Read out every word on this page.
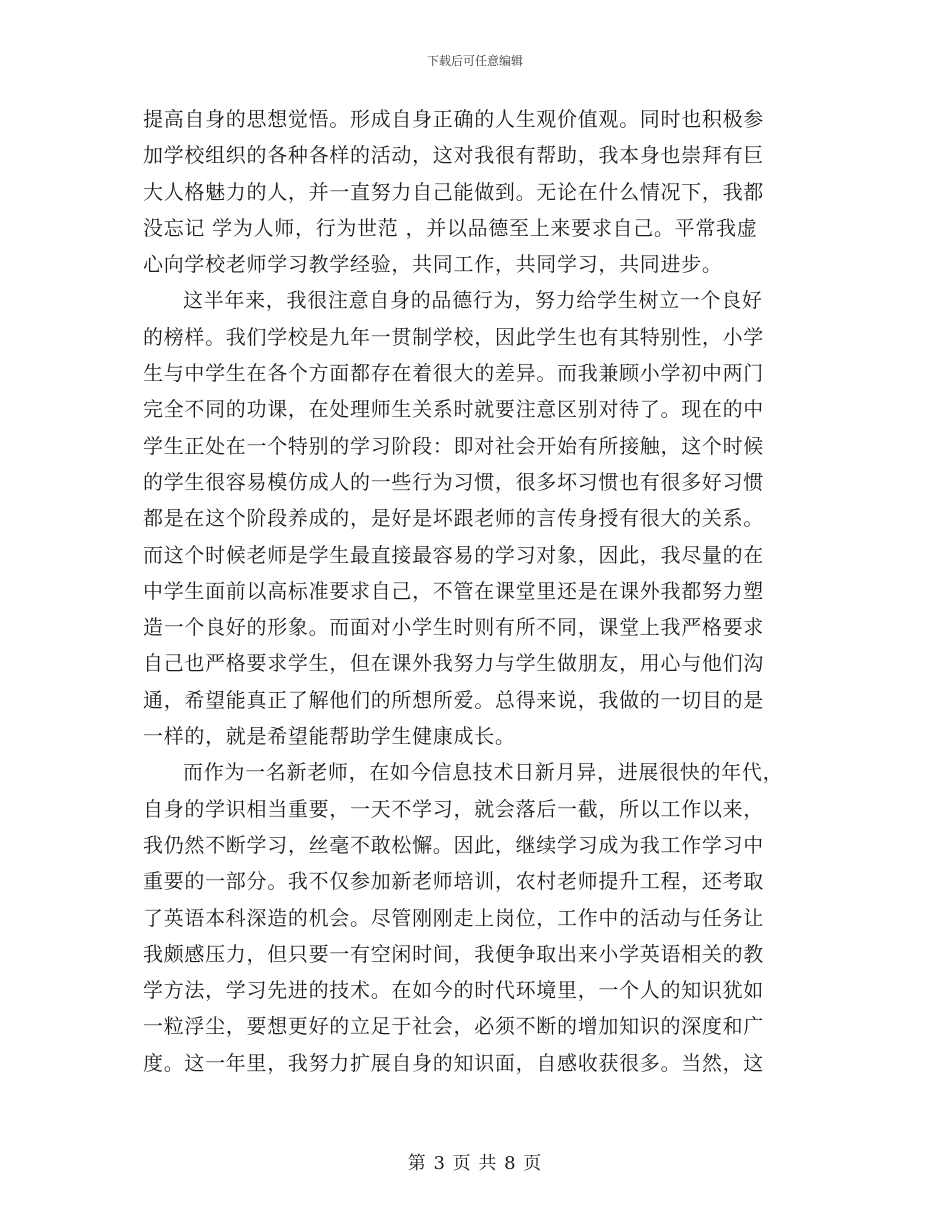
下载后可任意编辑
提高自身的思想觉悟。形成自身正确的人生观价值观。同时也积极参
加学校组织的各种各样的活动，这对我很有帮助，我本身也崇拜有巨
大人格魅力的人，并一直努力自己能做到。无论在什么情况下，我都
没忘记 学为人师，行为世范 ，并以品德至上来要求自己。平常我虚
心向学校老师学习教学经验，共同工作，共同学习，共同进步。
这半年来，我很注意自身的品德行为，努力给学生树立一个良好
的榜样。我们学校是九年一贯制学校，因此学生也有其特别性，小学
生与中学生在各个方面都存在着很大的差异。而我兼顾小学初中两门
完全不同的功课，在处理师生关系时就要注意区别对待了。现在的中
学生正处在一个特别的学习阶段：即对社会开始有所接触，这个时候
的学生很容易模仿成人的一些行为习惯，很多坏习惯也有很多好习惯
都是在这个阶段养成的，是好是坏跟老师的言传身授有很大的关系。
而这个时候老师是学生最直接最容易的学习对象，因此，我尽量的在
中学生面前以高标准要求自己，不管在课堂里还是在课外我都努力塑
造一个良好的形象。而面对小学生时则有所不同，课堂上我严格要求
自己也严格要求学生，但在课外我努力与学生做朋友，用心与他们沟
通，希望能真正了解他们的所想所爱。总得来说，我做的一切目的是
一样的，就是希望能帮助学生健康成长。
而作为一名新老师，在如今信息技术日新月异，进展很快的年代，
自身的学识相当重要，一天不学习，就会落后一截，所以工作以来，
我仍然不断学习，丝毫不敢松懈。因此，继续学习成为我工作学习中
重要的一部分。我不仅参加新老师培训，农村老师提升工程，还考取
了英语本科深造的机会。尽管刚刚走上岗位，工作中的活动与任务让
我颇感压力，但只要一有空闲时间，我便争取出来小学英语相关的教
学方法，学习先进的技术。在如今的时代环境里，一个人的知识犹如
一粒浮尘，要想更好的立足于社会，必须不断的增加知识的深度和广
度。这一年里，我努力扩展自身的知识面，自感收获很多。当然，这
第 3 页 共 8 页
